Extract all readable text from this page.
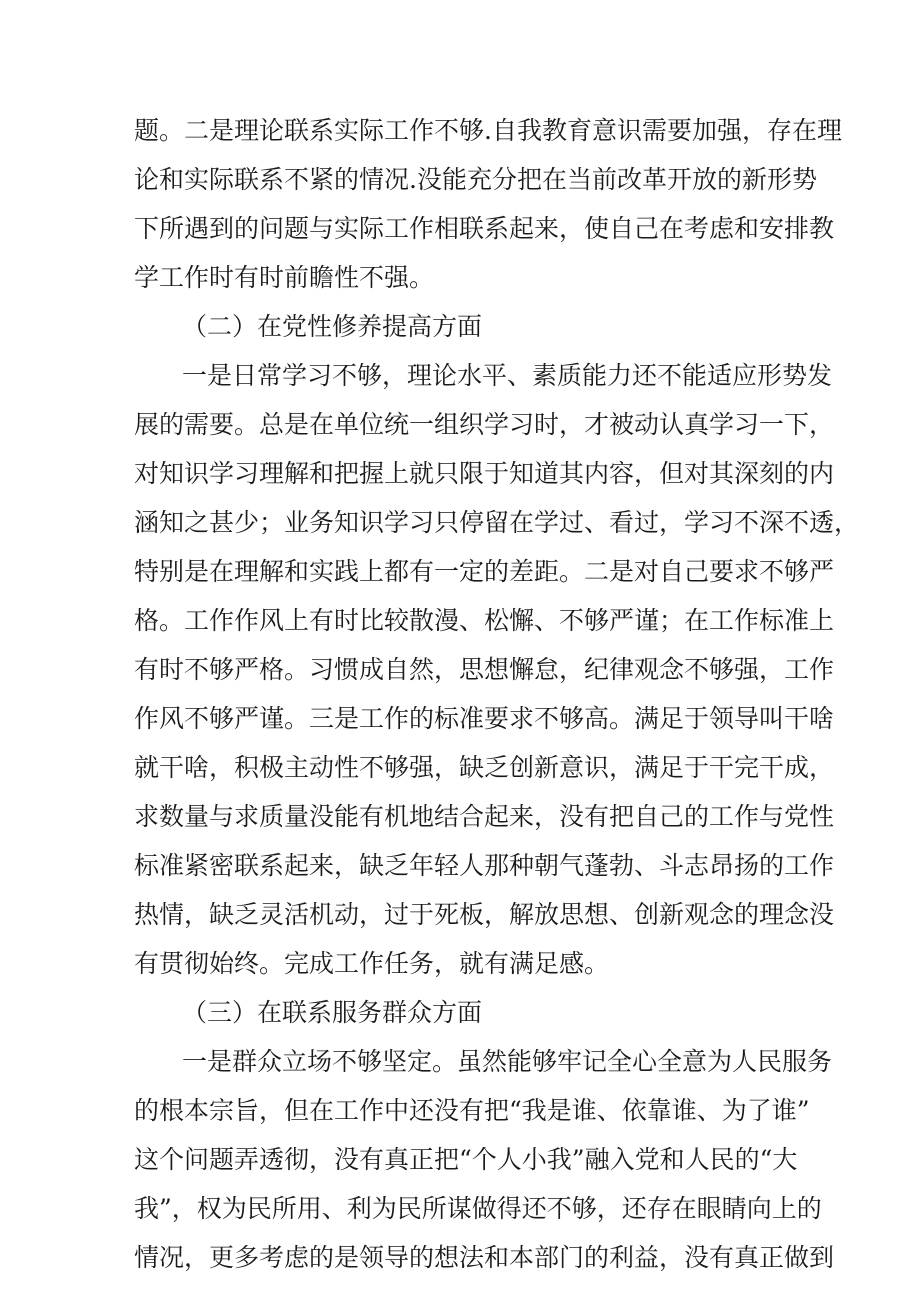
题。二是理论联系实际工作不够.自我教育意识需要加强，存在理
论和实际联系不紧的情况.没能充分把在当前改革开放的新形势
下所遇到的问题与实际工作相联系起来，使自己在考虑和安排教
学工作时有时前瞻性不强。
（二）在党性修养提高方面
一是日常学习不够，理论水平、素质能力还不能适应形势发
展的需要。总是在单位统一组织学习时，才被动认真学习一下，
对知识学习理解和把握上就只限于知道其内容，但对其深刻的内
涵知之甚少；业务知识学习只停留在学过、看过，学习不深不透，
特别是在理解和实践上都有一定的差距。二是对自己要求不够严
格。工作作风上有时比较散漫、松懈、不够严谨；在工作标准上
有时不够严格。习惯成自然，思想懈怠，纪律观念不够强，工作
作风不够严谨。三是工作的标准要求不够高。满足于领导叫干啥
就干啥，积极主动性不够强，缺乏创新意识，满足于干完干成，
求数量与求质量没能有机地结合起来，没有把自己的工作与党性
标准紧密联系起来，缺乏年轻人那种朝气蓬勃、斗志昂扬的工作
热情，缺乏灵活机动，过于死板，解放思想、创新观念的理念没
有贯彻始终。完成工作任务，就有满足感。
（三）在联系服务群众方面
一是群众立场不够坚定。虽然能够牢记全心全意为人民服务
的根本宗旨，但在工作中还没有把“我是谁、依靠谁、为了谁”
这个问题弄透彻，没有真正把“个人小我”融入党和人民的“大
我”，权为民所用、利为民所谋做得还不够，还存在眼睛向上的
情况，更多考虑的是领导的想法和本部门的利益，没有真正做到
